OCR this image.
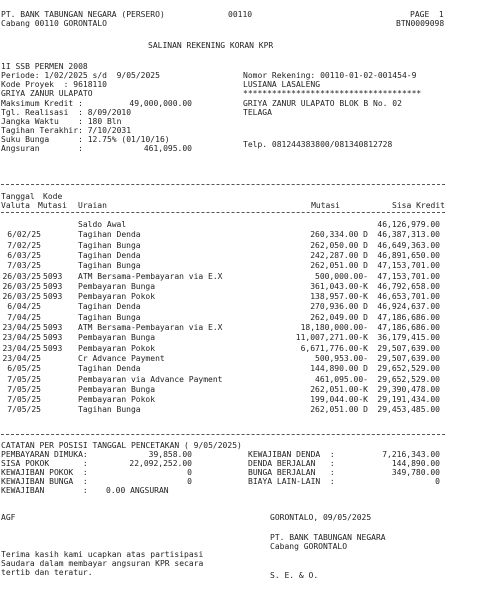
PT. BANK TABUNGAN NEGARA (PERSERO)	00110	PAGE  1
Cabang 00110 GORONTALO	BTN0009098
SALINAN REKENING KORAN KPR
1I SSB PERMEN 2008
Periode: 1/02/2025 s/d  9/05/2025
Kode Proyek  : 9618110
GRIYA ZANUR ULAPATO
Maksimum Kredit :	49,000,000.00
Tgl. Realisasi  : 8/09/2010
Jangka Waktu    : 180 Bln
Tagihan Terakhir: 7/10/2031
Suku Bunga      : 12.75% (01/10/16)
Angsuran        :	461,095.00
Nomor Rekening: 00110-01-02-001454-9
LUSIANA LASALENG
*************************************
GRIYA ZANUR ULAPATO BLOK B No. 02
TELAGA
Telp. 081244383800/081340812728
Tanggal Kode
Valuta Mutasi Uraian	Mutasi	Sisa Kredit
Saldo Awal	46,126,979.00
6/02/25	Tagihan Denda	260,334.00 D	46,387,313.00
7/02/25	Tagihan Bunga	262,050.00 D	46,649,363.00
6/03/25	Tagihan Denda	242,287.00 D	46,891,650.00
7/03/25	Tagihan Bunga	262,051.00 D	47,153,701.00
26/03/25 5093	ATM Bersama-Pembayaran via E.X	500,000.00-	47,153,701.00
26/03/25 5093	Pembayaran Bunga	361,043.00-K	46,792,658.00
26/03/25 5093	Pembayaran Pokok	138,957.00-K	46,653,701.00
6/04/25	Tagihan Denda	270,936.00 D	46,924,637.00
7/04/25	Tagihan Bunga	262,049.00 D	47,186,686.00
23/04/25 5093	ATM Bersama-Pembayaran via E.X	18,180,000.00-	47,186,686.00
23/04/25 5093	Pembayaran Bunga	11,007,271.00-K	36,179,415.00
23/04/25 5093	Pembayaran Pokok	6,671,776.00-K	29,507,639.00
23/04/25	Cr Advance Payment	500,953.00-	29,507,639.00
6/05/25	Tagihan Denda	144,890.00 D	29,652,529.00
7/05/25	Pembayaran via Advance Payment	461,095.00-	29,652,529.00
7/05/25	Pembayaran Bunga	262,051.00-K	29,390,478.00
7/05/25	Pembayaran Pokok	199,044.00-K	29,191,434.00
7/05/25	Tagihan Bunga	262,051.00 D	29,453,485.00
CATATAN PER POSISI TANGGAL PENCETAKAN ( 9/05/2025)
PEMBAYARAN DIMUKA:	39,858.00
SISA POKOK       :	22,092,252.00
KEWAJIBAN POKOK  :	0
KEWAJIBAN BUNGA  :	0
KEWAJIBAN        : 0.00 ANGSURAN
KEWAJIBAN DENDA  :	7,216,343.00
DENDA BERJALAN   :	144,890.00
BUNGA BERJALAN   :	349,780.00
BIAYA LAIN-LAIN  :	0
AGF	GORONTALO, 09/05/2025
PT. BANK TABUNGAN NEGARA
Cabang GORONTALO
Terima kasih kami ucapkan atas partisipasi
Saudara dalam membayar angsuran KPR secara
tertib dan teratur.	S. E. & O.
